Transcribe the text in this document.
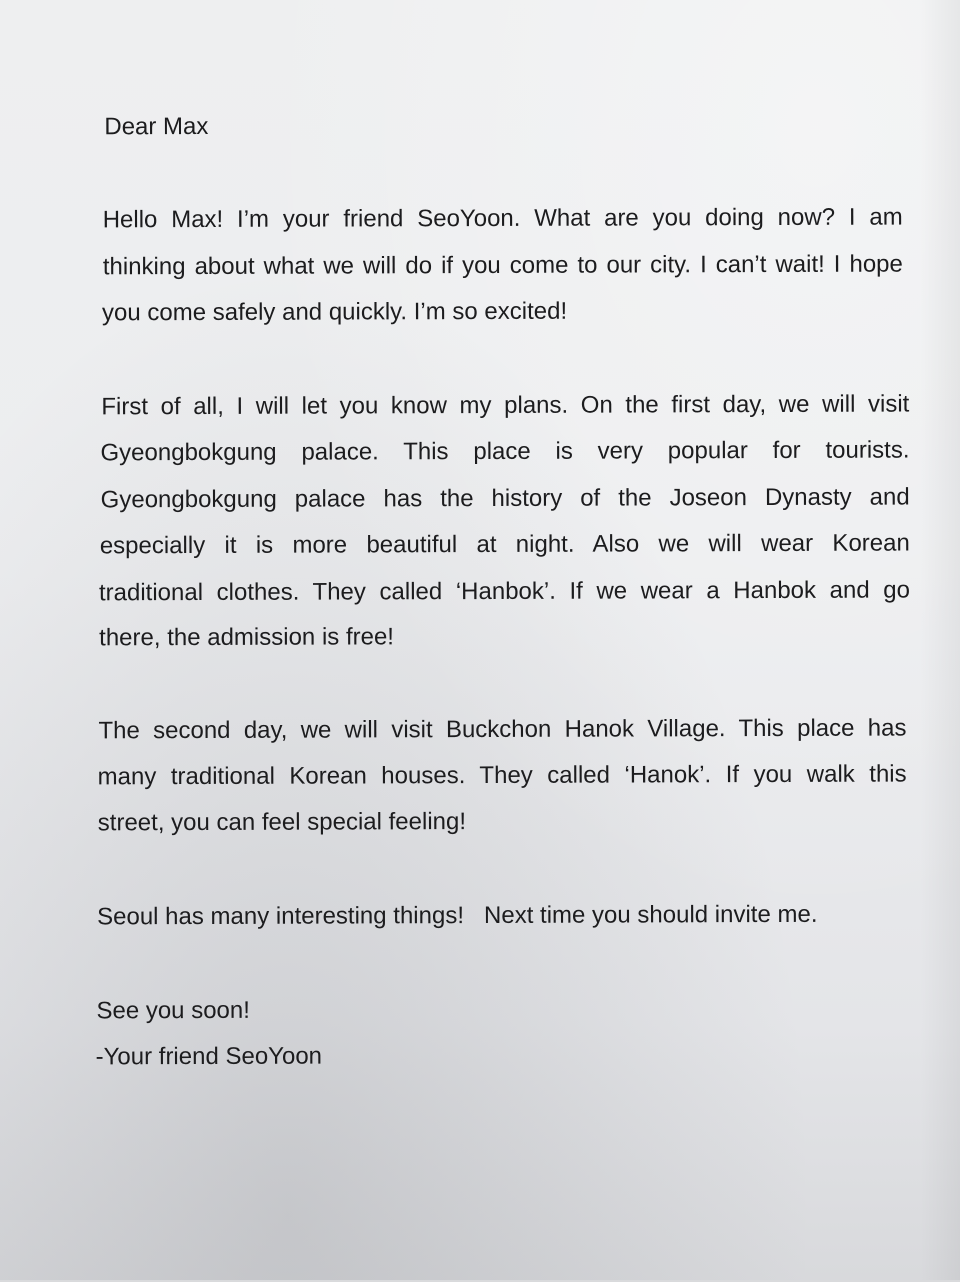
Dear Max

Hello Max! I’m your friend SeoYoon. What are you doing now? I am

thinking about what we will do if you come to our city. I can’t wait! I hope

you come safely and quickly. I’m so excited!

First of all, I will let you know my plans. On the first day, we will visit

Gyeongbokgung palace. This place is very popular for tourists.

Gyeongbokgung palace has the history of the Joseon Dynasty and

especially it is more beautiful at night. Also we will wear Korean

traditional clothes. They called ‘Hanbok’. If we wear a Hanbok and go

there, the admission is free!

The second day, we will visit Buckchon Hanok Village. This place has

many traditional Korean houses. They called ‘Hanok’. If you walk this

street, you can feel special feeling!

Seoul has many interesting things!   Next time you should invite me.

See you soon!

-Your friend SeoYoon
